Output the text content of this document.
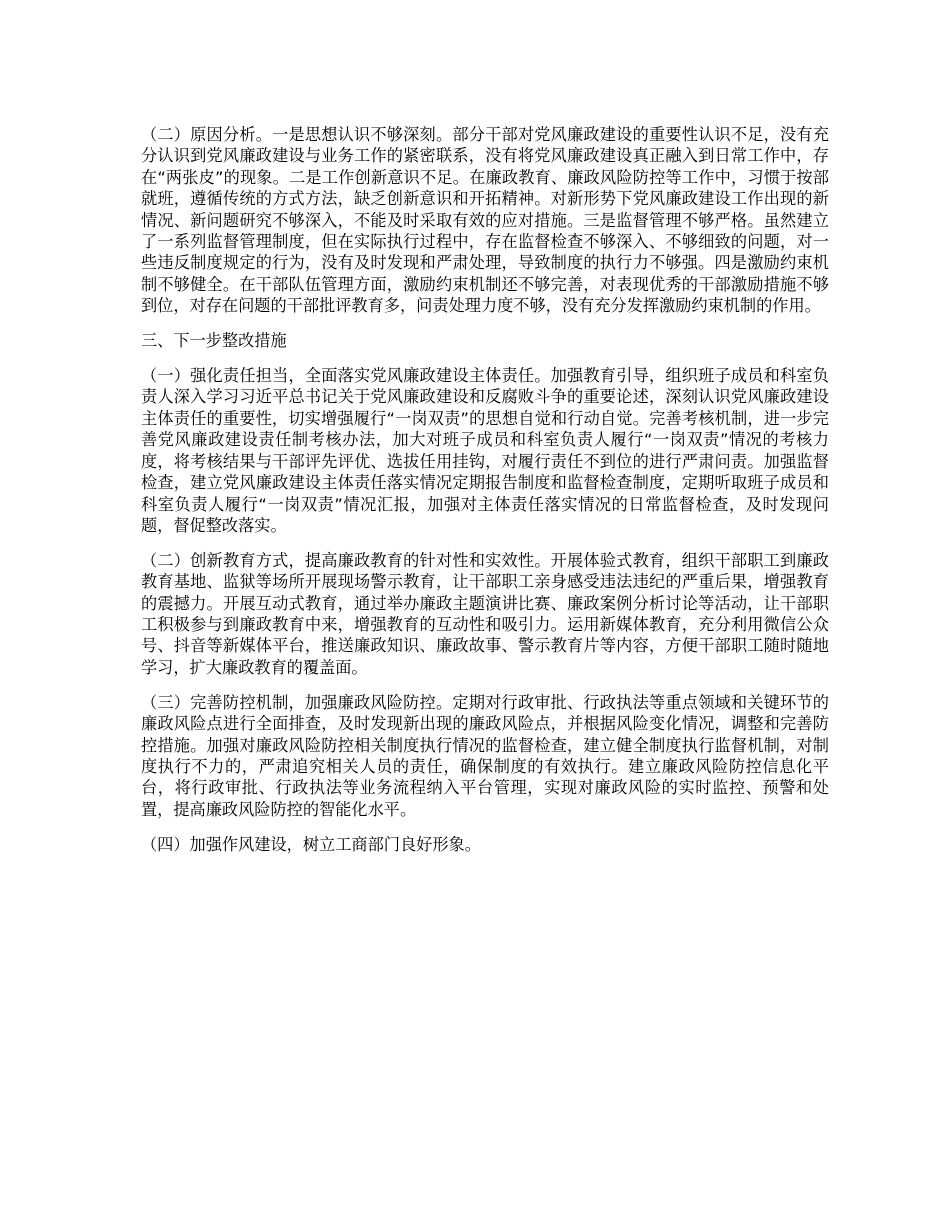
（二）原因分析。一是思想认识不够深刻。部分干部对党风廉政建设的重要性认识不足，没有充分认识到党风廉政建设与业务工作的紧密联系，没有将党风廉政建设真正融入到日常工作中，存在“两张皮”的现象。二是工作创新意识不足。在廉政教育、廉政风险防控等工作中，习惯于按部就班，遵循传统的方式方法，缺乏创新意识和开拓精神。对新形势下党风廉政建设工作出现的新情况、新问题研究不够深入，不能及时采取有效的应对措施。三是监督管理不够严格。虽然建立了一系列监督管理制度，但在实际执行过程中，存在监督检查不够深入、不够细致的问题，对一些违反制度规定的行为，没有及时发现和严肃处理，导致制度的执行力不够强。四是激励约束机制不够健全。在干部队伍管理方面，激励约束机制还不够完善，对表现优秀的干部激励措施不够到位，对存在问题的干部批评教育多，问责处理力度不够，没有充分发挥激励约束机制的作用。

三、下一步整改措施

（一）强化责任担当，全面落实党风廉政建设主体责任。加强教育引导，组织班子成员和科室负责人深入学习习近平总书记关于党风廉政建设和反腐败斗争的重要论述，深刻认识党风廉政建设主体责任的重要性，切实增强履行“一岗双责”的思想自觉和行动自觉。完善考核机制，进一步完善党风廉政建设责任制考核办法，加大对班子成员和科室负责人履行“一岗双责”情况的考核力度，将考核结果与干部评先评优、选拔任用挂钩，对履行责任不到位的进行严肃问责。加强监督检查，建立党风廉政建设主体责任落实情况定期报告制度和监督检查制度，定期听取班子成员和科室负责人履行“一岗双责”情况汇报，加强对主体责任落实情况的日常监督检查，及时发现问题，督促整改落实。

（二）创新教育方式，提高廉政教育的针对性和实效性。开展体验式教育，组织干部职工到廉政教育基地、监狱等场所开展现场警示教育，让干部职工亲身感受违法违纪的严重后果，增强教育的震撼力。开展互动式教育，通过举办廉政主题演讲比赛、廉政案例分析讨论等活动，让干部职工积极参与到廉政教育中来，增强教育的互动性和吸引力。运用新媒体教育，充分利用微信公众号、抖音等新媒体平台，推送廉政知识、廉政故事、警示教育片等内容，方便干部职工随时随地学习，扩大廉政教育的覆盖面。

（三）完善防控机制，加强廉政风险防控。定期对行政审批、行政执法等重点领域和关键环节的廉政风险点进行全面排查，及时发现新出现的廉政风险点，并根据风险变化情况，调整和完善防控措施。加强对廉政风险防控相关制度执行情况的监督检查，建立健全制度执行监督机制，对制度执行不力的，严肃追究相关人员的责任，确保制度的有效执行。建立廉政风险防控信息化平台，将行政审批、行政执法等业务流程纳入平台管理，实现对廉政风险的实时监控、预警和处置，提高廉政风险防控的智能化水平。

（四）加强作风建设，树立工商部门良好形象。
